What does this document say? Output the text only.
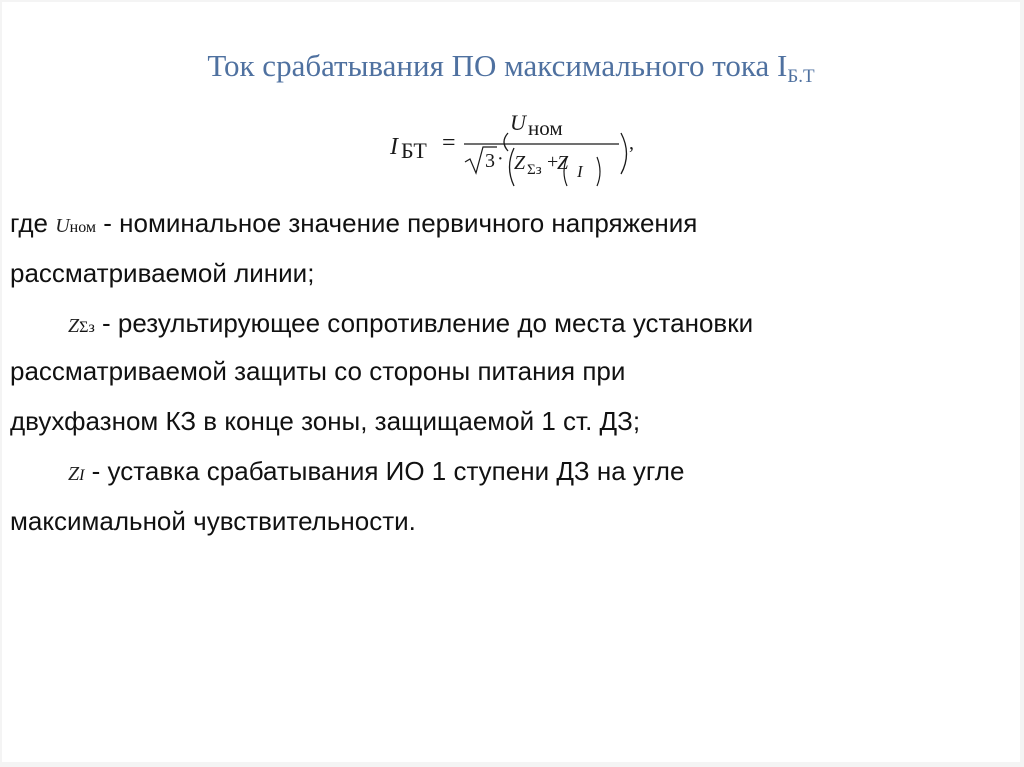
Ток срабатывания ПО максимального тока $I_{Б.Т}$
I БТ =
U ном
3 · Z Σз +
Z I
,
где Uном - номинальное значение первичного напряжения
рассматриваемой линии;
ZΣз - результирующее сопротивление до места установки
рассматриваемой защиты со стороны питания при
двухфазном КЗ в конце зоны, защищаемой 1 ст. ДЗ;
ZI - уставка срабатывания ИО 1 ступени ДЗ на угле
максимальной чувствительности.
